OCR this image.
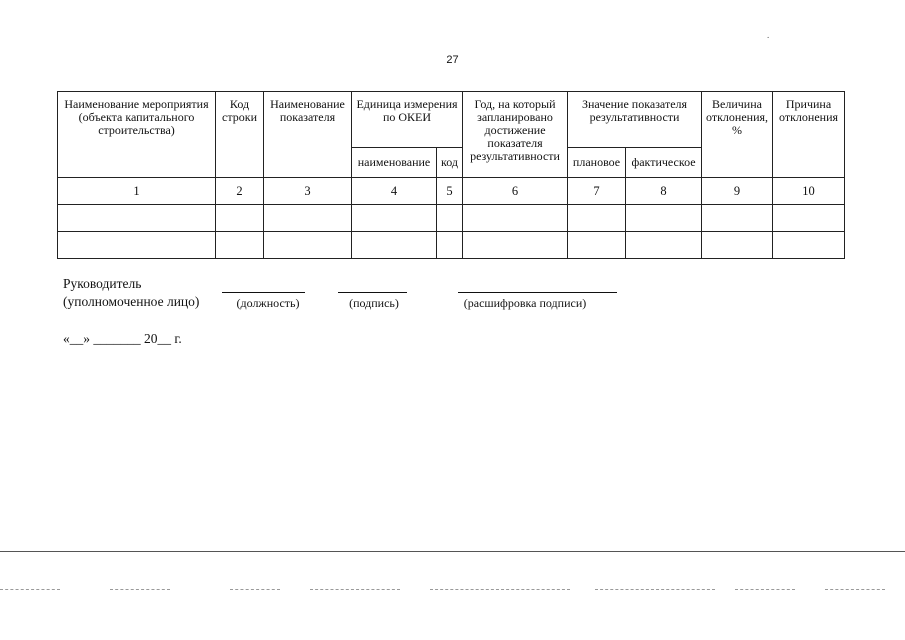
.
27
Наименование мероприятия (объекта капитального строительства)	Код строки	Наименование показателя	Единица измерения по ОКЕИ		Год, на который запланировано достижение показателя результативности	Значение показателя результативности		Величина отклонения, %	Причина отклонения
			наименование	код		плановое	фактическое		
1	2	3	4	5	6	7	8	9	10

Руководитель
(уполномоченное лицо)	(должность)	(подпись)	(расшифровка подписи)
«__» _______ 20__ г.
